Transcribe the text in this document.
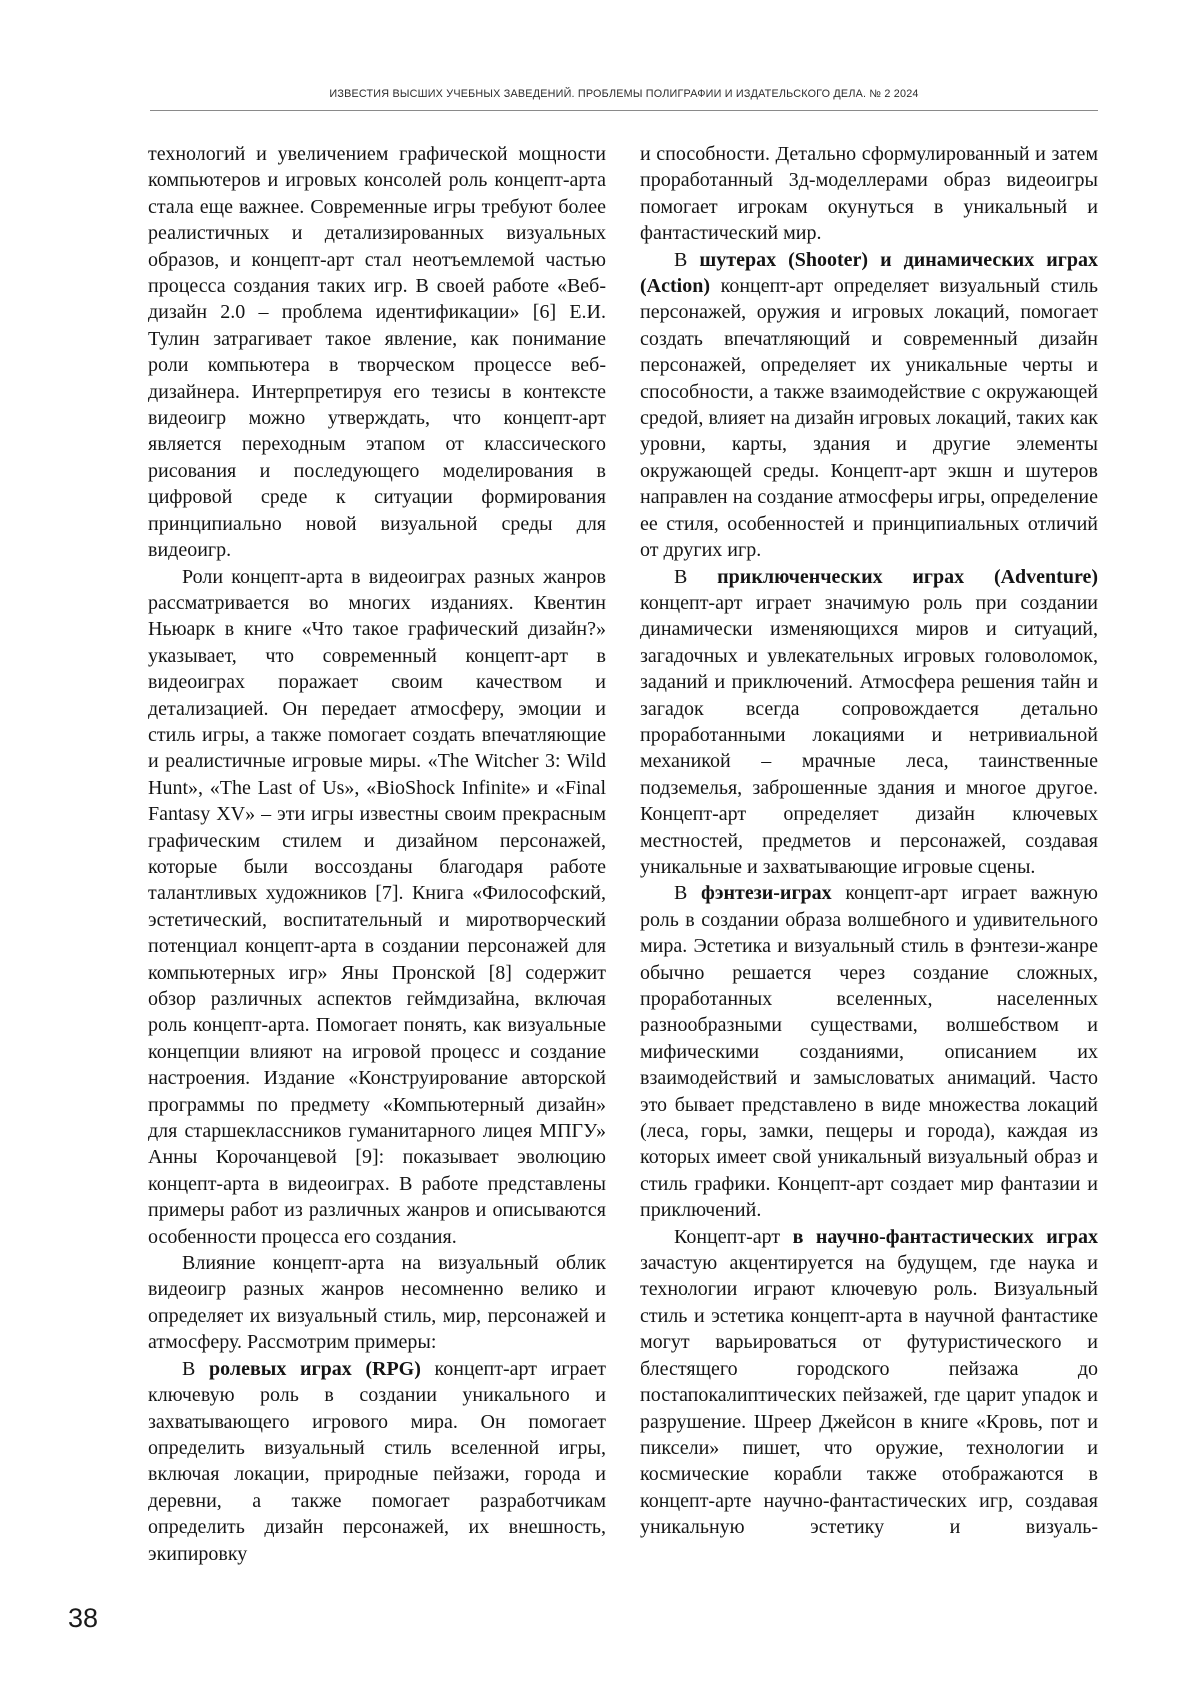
ИЗВЕСТИЯ ВЫСШИХ УЧЕБНЫХ ЗАВЕДЕНИЙ. ПРОБЛЕМЫ ПОЛИГРАФИИ И ИЗДАТЕЛЬСКОГО ДЕЛА. № 2 2024

технологий и увеличением графической мощности компьютеров и игровых консолей роль концепт-арта стала еще важнее. Современные игры требуют более реалистичных и детализированных визуальных образов, и концепт-арт стал неотъемлемой частью процесса создания таких игр. В своей работе «Веб-дизайн 2.0 – проблема идентификации» [6] Е.И. Тулин затрагивает такое явление, как понимание роли компьютера в творческом процессе веб-дизайнера. Интерпретируя его тезисы в контексте видеоигр можно утверждать, что концепт-арт является переходным этапом от классического рисования и последующего моделирования в цифровой среде к ситуации формирования принципиально новой визуальной среды для видеоигр.

Роли концепт-арта в видеоиграх разных жанров рассматривается во многих изданиях. Квентин Ньюарк в книге «Что такое графический дизайн?» указывает, что современный концепт-арт в видеоиграх поражает своим качеством и детализацией. Он передает атмосферу, эмоции и стиль игры, а также помогает создать впечатляющие и реалистичные игровые миры. «The Witcher 3: Wild Hunt», «The Last of Us», «BioShock Infinite» и «Final Fantasy XV» – эти игры известны своим прекрасным графическим стилем и дизайном персонажей, которые были воссозданы благодаря работе талантливых художников [7]. Книга «Философский, эстетический, воспитательный и миротворческий потенциал концепт-арта в создании персонажей для компьютерных игр» Яны Пронской [8] содержит обзор различных аспектов геймдизайна, включая роль концепт-арта. Помогает понять, как визуальные концепции влияют на игровой процесс и создание настроения. Издание «Конструирование авторской программы по предмету «Компьютерный дизайн» для старшеклассников гуманитарного лицея МПГУ» Анны Корочанцевой [9]: показывает эволюцию концепт-арта в видеоиграх. В работе представлены примеры работ из различных жанров и описываются особенности процесса его создания.

Влияние концепт-арта на визуальный облик видеоигр разных жанров несомненно велико и определяет их визуальный стиль, мир, персонажей и атмосферу. Рассмотрим примеры:

В ролевых играх (RPG) концепт-арт играет ключевую роль в создании уникального и захватывающего игрового мира. Он помогает определить визуальный стиль вселенной игры, включая локации, природные пейзажи, города и деревни, а также помогает разработчикам определить дизайн персонажей, их внешность, экипировку

и способности. Детально сформулированный и затем проработанный 3д-моделлерами образ видеоигры помогает игрокам окунуться в уникальный и фантастический мир.

В шутерах (Shooter) и динамических играх (Action) концепт-арт определяет визуальный стиль персонажей, оружия и игровых локаций, помогает создать впечатляющий и современный дизайн персонажей, определяет их уникальные черты и способности, а также взаимодействие с окружающей средой, влияет на дизайн игровых локаций, таких как уровни, карты, здания и другие элементы окружающей среды. Концепт-арт экшн и шутеров направлен на создание атмосферы игры, определение ее стиля, особенностей и принципиальных отличий от других игр.

В приключенческих играх (Adventure) концепт-арт играет значимую роль при создании динамически изменяющихся миров и ситуаций, загадочных и увлекательных игровых головоломок, заданий и приключений. Атмосфера решения тайн и загадок всегда сопровождается детально проработанными локациями и нетривиальной механикой – мрачные леса, таинственные подземелья, заброшенные здания и многое другое. Концепт-арт определяет дизайн ключевых местностей, предметов и персонажей, создавая уникальные и захватывающие игровые сцены.

В фэнтези-играх концепт-арт играет важную роль в создании образа волшебного и удивительного мира. Эстетика и визуальный стиль в фэнтези-жанре обычно решается через создание сложных, проработанных вселенных, населенных разнообразными существами, волшебством и мифическими созданиями, описанием их взаимодействий и замысловатых анимаций. Часто это бывает представлено в виде множества локаций (леса, горы, замки, пещеры и города), каждая из которых имеет свой уникальный визуальный образ и стиль графики. Концепт-арт создает мир фантазии и приключений.

Концепт-арт в научно-фантастических играх зачастую акцентируется на будущем, где наука и технологии играют ключевую роль. Визуальный стиль и эстетика концепт-арта в научной фантастике могут варьироваться от футуристического и блестящего городского пейзажа до постапокалиптических пейзажей, где царит упадок и разрушение. Шреер Джейсон в книге «Кровь, пот и пиксели» пишет, что оружие, технологии и космические корабли также отображаются в концепт-арте научно-фантастических игр, создавая уникальную эстетику и визуаль-

38
